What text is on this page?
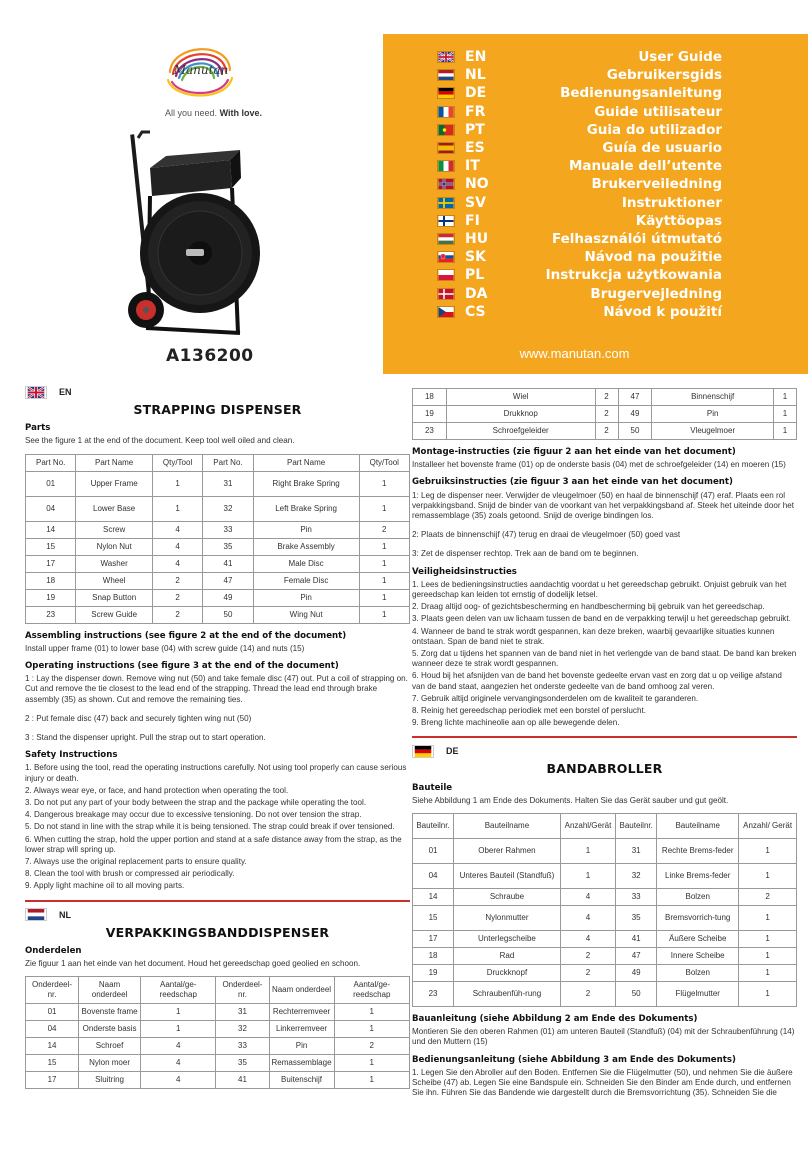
Manutan
All you need. With love.
A136200
EN	User Guide
NL	Gebruikersgids
DE	Bedienungsanleitung
FR	Guide utilisateur
PT	Guia do utilizador
ES	Guía de usuario
IT	Manuale dell’utente
NO	Brukerveiledning
SV	Instruktioner
FI	Käyttöopas
HU	Felhasználói útmutató
SK	Návod na použitie
PL	Instrukcja użytkowania
DA	Brugervejledning
CS	Návod k použití
www.manutan.com
EN
STRAPPING DISPENSER
Parts
See the figure 1 at the end of the document. Keep tool well oiled and clean.
Part No.	Part Name	Qty/Tool	Part No.	Part Name	Qty/Tool
01	Upper Frame	1	31	Right Brake Spring	1
04	Lower Base	1	32	Left Brake Spring	1
14	Screw	4	33	Pin	2
15	Nylon Nut	4	35	Brake Assembly	1
17	Washer	4	41	Male Disc	1
18	Wheel	2	47	Female Disc	1
19	Snap Button	2	49	Pin	1
23	Screw Guide	2	50	Wing Nut	1
Assembling instructions (see figure 2 at the end of the document)
Install upper frame (01) to lower base (04) with screw guide (14) and nuts (15)
Operating instructions (see figure 3 at the end of the document)
1 : Lay the dispenser down. Remove wing nut (50) and take female disc (47) out. Put a coil of strapping on. Cut and remove the tie closest to the lead end of the strapping. Thread the lead end through brake assembly (35) as shown. Cut and remove the remaining ties.
2 : Put female disc (47) back and securely tighten wing nut (50)
3 : Stand the dispenser upright. Pull the strap out to start operation.
Safety Instructions
1. Before using the tool, read the operating instructions carefully. Not using tool properly can cause serious injury or death.
2. Always wear eye, or face, and hand protection when operating the tool.
3. Do not put any part of your body between the strap and the package while operating the tool.
4. Dangerous breakage may occur due to excessive tensioning. Do not over tension the strap.
5. Do not stand in line with the strap while it is being tensioned. The strap could break if over tensioned.
6. When cutting the strap, hold the upper portion and stand at a safe distance away from the strap, as the lower strap will spring up.
7. Always use the original replacement parts to ensure quality.
8. Clean the tool with brush or compressed air periodically.
9. Apply light machine oil to all moving parts.
NL
VERPAKKINGSBANDDISPENSER
Onderdelen
Zie figuur 1 aan het einde van het document. Houd het gereedschap goed geolied en schoon.
Onderdeel-nr.	Naam onderdeel	Aantal/ge-reedschap	Onderdeel-nr.	Naam onderdeel	Aantal/ge-reedschap
01	Bovenste frame	1	31	Rechterremveer	1
04	Onderste basis	1	32	Linkerremveer	1
14	Schroef	4	33	Pin	2
15	Nylon moer	4	35	Remassemblage	1
17	Sluitring	4	41	Buitenschijf	1
18	Wiel	2	47	Binnenschijf	1
19	Drukknop	2	49	Pin	1
23	Schroefgeleider	2	50	Vleugelmoer	1
Montage-instructies (zie figuur 2 aan het einde van het document)
Installeer het bovenste frame (01) op de onderste basis (04) met de schroefgeleider (14) en moeren (15)
Gebruiksinstructies (zie figuur 3 aan het einde van het document)
1: Leg de dispenser neer. Verwijder de vleugelmoer (50) en haal de binnenschijf (47) eraf. Plaats een rol verpakkingsband. Snijd de binder van de voorkant van het verpakkingsband af. Steek het uiteinde door het remassemblage (35) zoals getoond. Snijd de overige bindingen los.
2: Plaats de binnenschijf (47) terug en draai de vleugelmoer (50) goed vast
3: Zet de dispenser rechtop. Trek aan de band om te beginnen.
Veiligheidsinstructies
1. Lees de bedieningsinstructies aandachtig voordat u het gereedschap gebruikt. Onjuist gebruik van het gereedschap kan leiden tot ernstig of dodelijk letsel.
2. Draag altijd oog- of gezichtsbescherming en handbescherming bij gebruik van het gereedschap.
3. Plaats geen delen van uw lichaam tussen de band en de verpakking terwijl u het gereedschap gebruikt.
4. Wanneer de band te strak wordt gespannen, kan deze breken, waarbij gevaarlijke situaties kunnen ontstaan. Span de band niet te strak.
5. Zorg dat u tijdens het spannen van de band niet in het verlengde van de band staat. De band kan breken wanneer deze te strak wordt gespannen.
6. Houd bij het afsnijden van de band het bovenste gedeelte ervan vast en zorg dat u op veilige afstand van de band staat, aangezien het onderste gedeelte van de band omhoog zal veren.
7. Gebruik altijd originele vervangingsonderdelen om de kwaliteit te garanderen.
8. Reinig het gereedschap periodiek met een borstel of perslucht.
9. Breng lichte machineolie aan op alle bewegende delen.
DE
BANDABROLLER
Bauteile
Siehe Abbildung 1 am Ende des Dokuments. Halten Sie das Gerät sauber und gut geölt.
Bauteilnr.	Bauteilname	Anzahl/Gerät	Bauteilnr.	Bauteilname	Anzahl/ Gerät
01	Oberer Rahmen	1	31	Rechte Brems-feder	1
04	Unteres Bauteil (Standfuß)	1	32	Linke Brems-feder	1
14	Schraube	4	33	Bolzen	2
15	Nylonmutter	4	35	Bremsvorrich-tung	1
17	Unterlegscheibe	4	41	Äußere Scheibe	1
18	Rad	2	47	Innere Scheibe	1
19	Druckknopf	2	49	Bolzen	1
23	Schraubenfüh-rung	2	50	Flügelmutter	1
Bauanleitung (siehe Abbildung 2 am Ende des Dokuments)
Montieren Sie den oberen Rahmen (01) am unteren Bauteil (Standfuß) (04) mit der Schraubenführung (14) und den Muttern (15)
Bedienungsanleitung (siehe Abbildung 3 am Ende des Dokuments)
1. Legen Sie den Abroller auf den Boden. Entfernen Sie die Flügelmutter (50), und nehmen Sie die äußere Scheibe (47) ab. Legen Sie eine Bandspule ein. Schneiden Sie den Binder am Ende durch, und entfernen Sie ihn. Führen Sie das Bandende wie dargestellt durch die Bremsvorrichtung (35). Schneiden Sie die
